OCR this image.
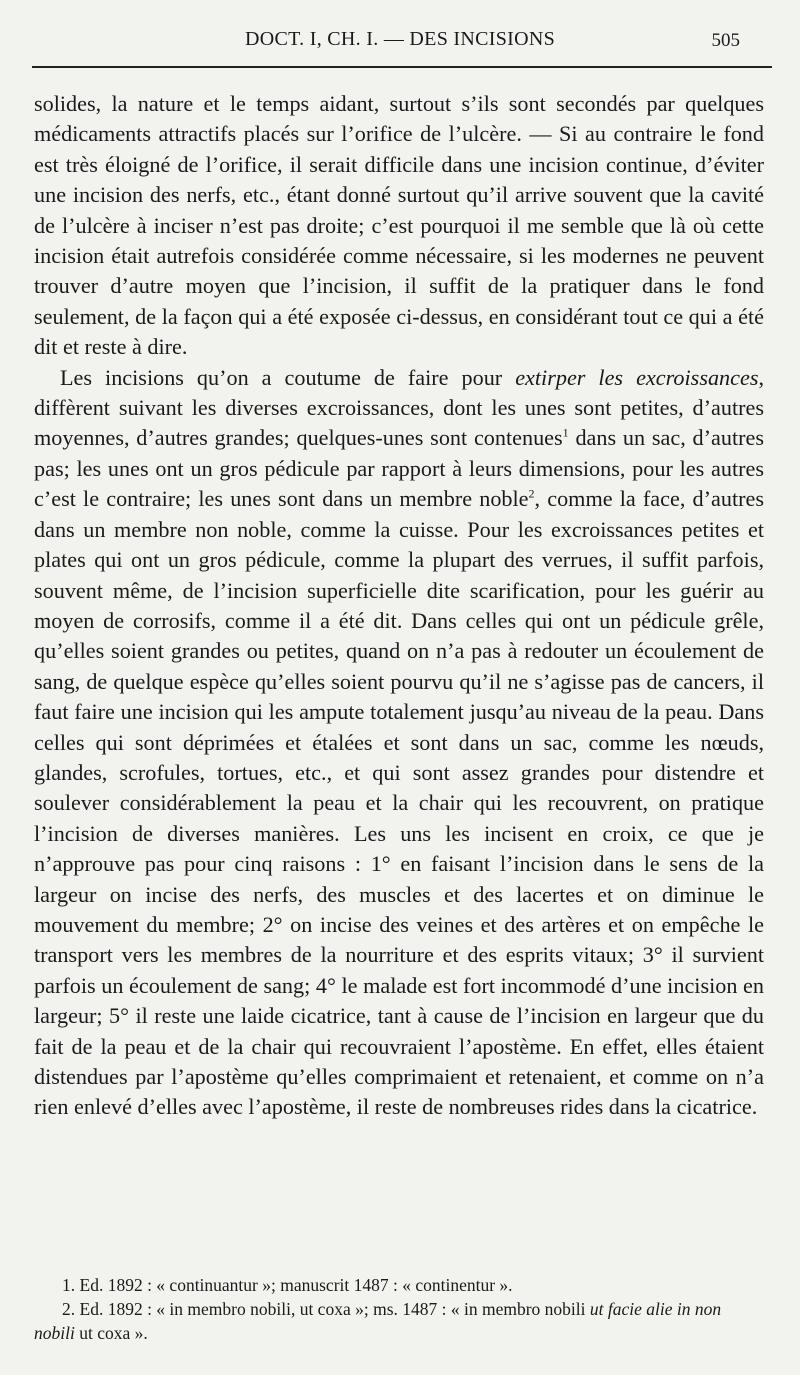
DOCT. I, CH. I. — DES INCISIONS	505

solides, la nature et le temps aidant, surtout s’ils sont secondés par quelques médicaments attractifs placés sur l’orifice de l’ulcère. — Si au contraire le fond est très éloigné de l’orifice, il serait difficile dans une incision continue, d’éviter une incision des nerfs, etc., étant donné surtout qu’il arrive souvent que la cavité de l’ulcère à inciser n’est pas droite; c’est pourquoi il me semble que là où cette incision était autrefois considérée comme nécessaire, si les modernes ne peuvent trouver d’autre moyen que l’incision, il suffit de la pratiquer dans le fond seulement, de la façon qui a été exposée ci-dessus, en considérant tout ce qui a été dit et reste à dire.

Les incisions qu’on a coutume de faire pour extirper les excroissances, diffèrent suivant les diverses excroissances, dont les unes sont petites, d’autres moyennes, d’autres grandes; quelques-unes sont contenues$^1$ dans un sac, d’autres pas; les unes ont un gros pédicule par rapport à leurs dimensions, pour les autres c’est le contraire; les unes sont dans un membre noble$^2$, comme la face, d’autres dans un membre non noble, comme la cuisse. Pour les excroissances petites et plates qui ont un gros pédicule, comme la plupart des verrues, il suffit parfois, souvent même, de l’incision superficielle dite scarification, pour les guérir au moyen de corrosifs, comme il a été dit. Dans celles qui ont un pédicule grêle, qu’elles soient grandes ou petites, quand on n’a pas à redouter un écoulement de sang, de quelque espèce qu’elles soient pourvu qu’il ne s’agisse pas de cancers, il faut faire une incision qui les ampute totalement jusqu’au niveau de la peau. Dans celles qui sont déprimées et étalées et sont dans un sac, comme les nœuds, glandes, scrofules, tortues, etc., et qui sont assez grandes pour distendre et soulever considérablement la peau et la chair qui les recouvrent, on pratique l’incision de diverses manières. Les uns les incisent en croix, ce que je n’approuve pas pour cinq raisons : 1° en faisant l’incision dans le sens de la largeur on incise des nerfs, des muscles et des lacertes et on diminue le mouvement du membre; 2° on incise des veines et des artères et on empêche le transport vers les membres de la nourriture et des esprits vitaux; 3° il survient parfois un écoulement de sang; 4° le malade est fort incommodé d’une incision en largeur; 5° il reste une laide cicatrice, tant à cause de l’incision en largeur que du fait de la peau et de la chair qui recouvraient l’apostème. En effet, elles étaient distendues par l’apostème qu’elles comprimaient et retenaient, et comme on n’a rien enlevé d’elles avec l’apostème, il reste de nombreuses rides dans la cicatrice.

1. Ed. 1892 : « continuantur »; manuscrit 1487 : « continentur ».

2. Ed. 1892 : « in membro nobili, ut coxa »; ms. 1487 : « in membro nobili ut facie alie in non nobili ut coxa ».
